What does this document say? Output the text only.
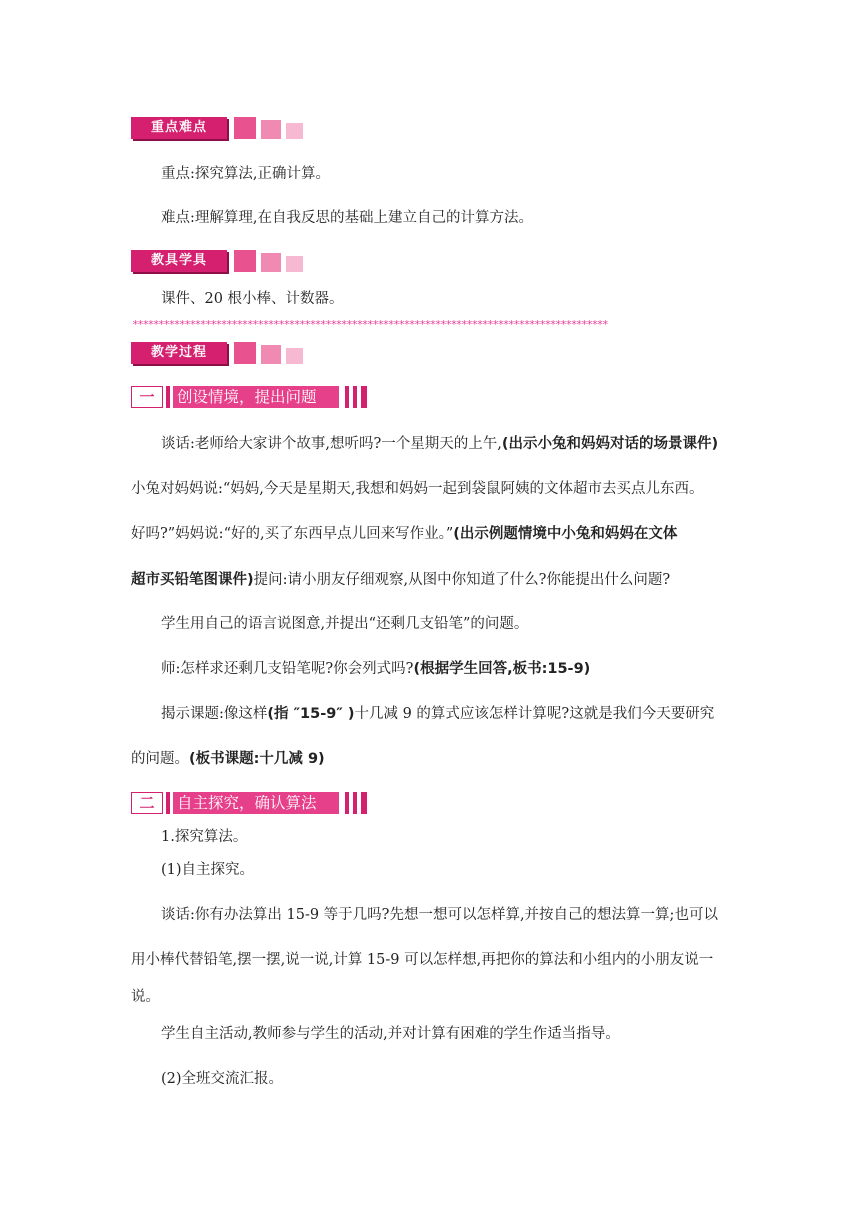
重点难点
重点:探究算法,正确计算。
难点:理解算理,在自我反思的基础上建立自己的计算方法。
教具学具
课件、20 根小棒、计数器。
*******************************************************************************************
教学过程
一	创设情境，提出问题
谈话:老师给大家讲个故事,想听吗?一个星期天的上午,(出示小兔和妈妈对话的场景课件)
小兔对妈妈说:“妈妈,今天是星期天,我想和妈妈一起到袋鼠阿姨的文体超市去买点儿东西。
好吗?”妈妈说:“好的,买了东西早点儿回来写作业。”(出示例题情境中小兔和妈妈在文体
超市买铅笔图课件)提问:请小朋友仔细观察,从图中你知道了什么?你能提出什么问题?
学生用自己的语言说图意,并提出“还剩几支铅笔”的问题。
师:怎样求还剩几支铅笔呢?你会列式吗?(根据学生回答,板书:15-9)
揭示课题:像这样(指 ″15-9″ )十几减 9 的算式应该怎样计算呢?这就是我们今天要研究
的问题。(板书课题:十几减 9)
二	自主探究，确认算法
1.探究算法。
(1)自主探究。
谈话:你有办法算出 15-9 等于几吗?先想一想可以怎样算,并按自己的想法算一算;也可以
用小棒代替铅笔,摆一摆,说一说,计算 15-9 可以怎样想,再把你的算法和小组内的小朋友说一
说。
学生自主活动,教师参与学生的活动,并对计算有困难的学生作适当指导。
(2)全班交流汇报。
